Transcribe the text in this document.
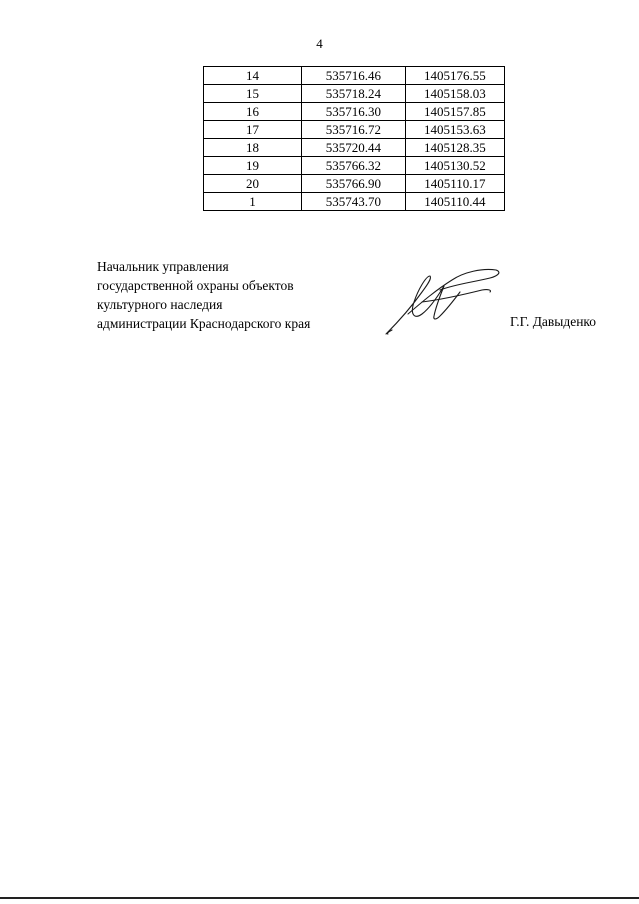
4
14	535716.46	1405176.55
15	535718.24	1405158.03
16	535716.30	1405157.85
17	535716.72	1405153.63
18	535720.44	1405128.35
19	535766.32	1405130.52
20	535766.90	1405110.17
1	535743.70	1405110.44
Начальник управления
государственной охраны объектов
культурного наследия
администрации Краснодарского края	Г.Г. Давыденко
